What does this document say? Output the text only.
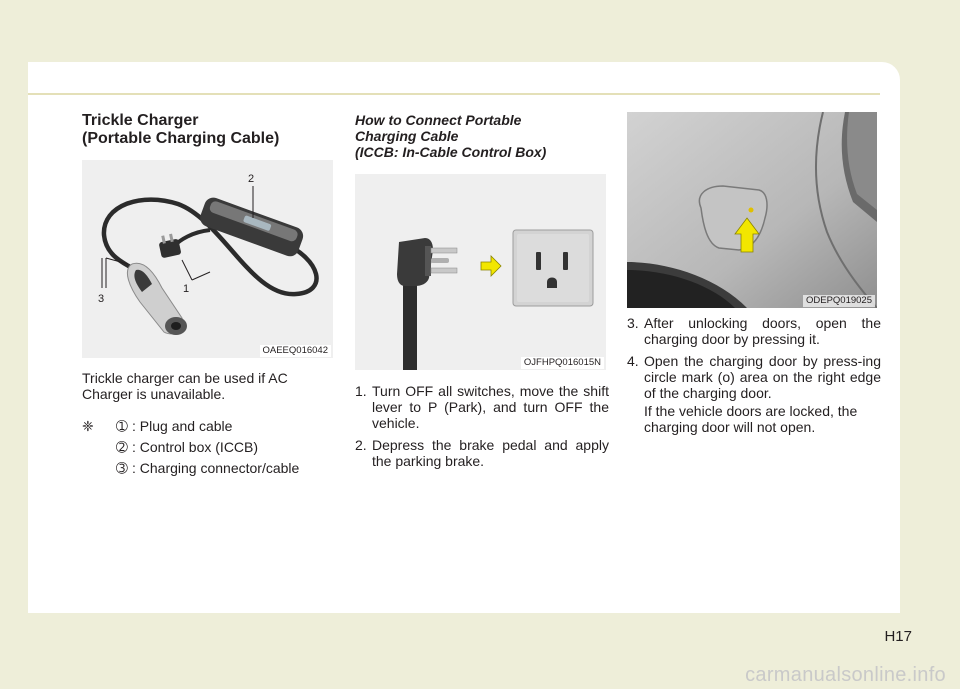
Trickle Charger
(Portable Charging Cable)
1
2
3
OAEEQ016042

Trickle charger can be used if AC Charger is unavailable.

❈	➀ : Plug and cable
➁ : Control box (ICCB)
➂ : Charging connector/cable
How to Connect Portable
Charging Cable
(ICCB: In-Cable Control Box)
OJFHPQ016015N
1. Turn OFF all switches, move the shift lever to P (Park), and turn OFF the vehicle.
2. Depress the brake pedal and apply the parking brake.
ODEPQ019025
3. After unlocking doors, open the charging door by pressing it.
4. Open the charging door by press-ing circle mark (o) area on the right edge of the charging door.

If the vehicle doors are locked, the charging door will not open.

H17
carmanualsonline.info
